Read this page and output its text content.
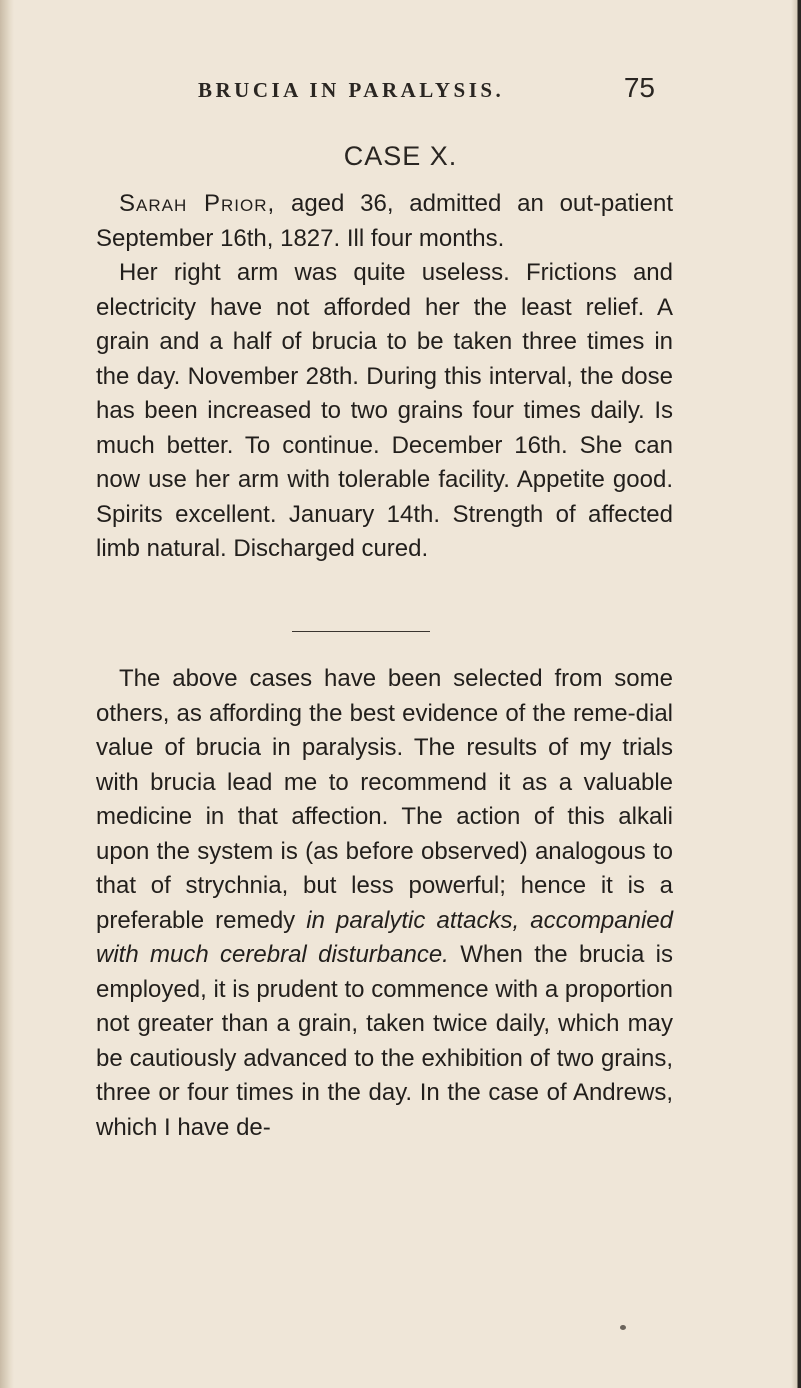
BRUCIA IN PARALYSIS.	75
CASE X.

Sarah Prior, aged 36, admitted an out-patient September 16th, 1827. Ill four months.

Her right arm was quite useless. Frictions and electricity have not afforded her the least relief. A grain and a half of brucia to be taken three times in the day. November 28th. During this interval, the dose has been increased to two grains four times daily. Is much better. To continue. December 16th. She can now use her arm with tolerable facility. Appetite good. Spirits excellent. January 14th. Strength of affected limb natural. Discharged cured.

The above cases have been selected from some others, as affording the best evidence of the reme-dial value of brucia in paralysis. The results of my trials with brucia lead me to recommend it as a valuable medicine in that affection. The action of this alkali upon the system is (as before observed) analogous to that of strychnia, but less powerful; hence it is a preferable remedy in paralytic attacks, accompanied with much cerebral disturbance. When the brucia is employed, it is prudent to commence with a proportion not greater than a grain, taken twice daily, which may be cautiously advanced to the exhibition of two grains, three or four times in the day. In the case of Andrews, which I have de-
